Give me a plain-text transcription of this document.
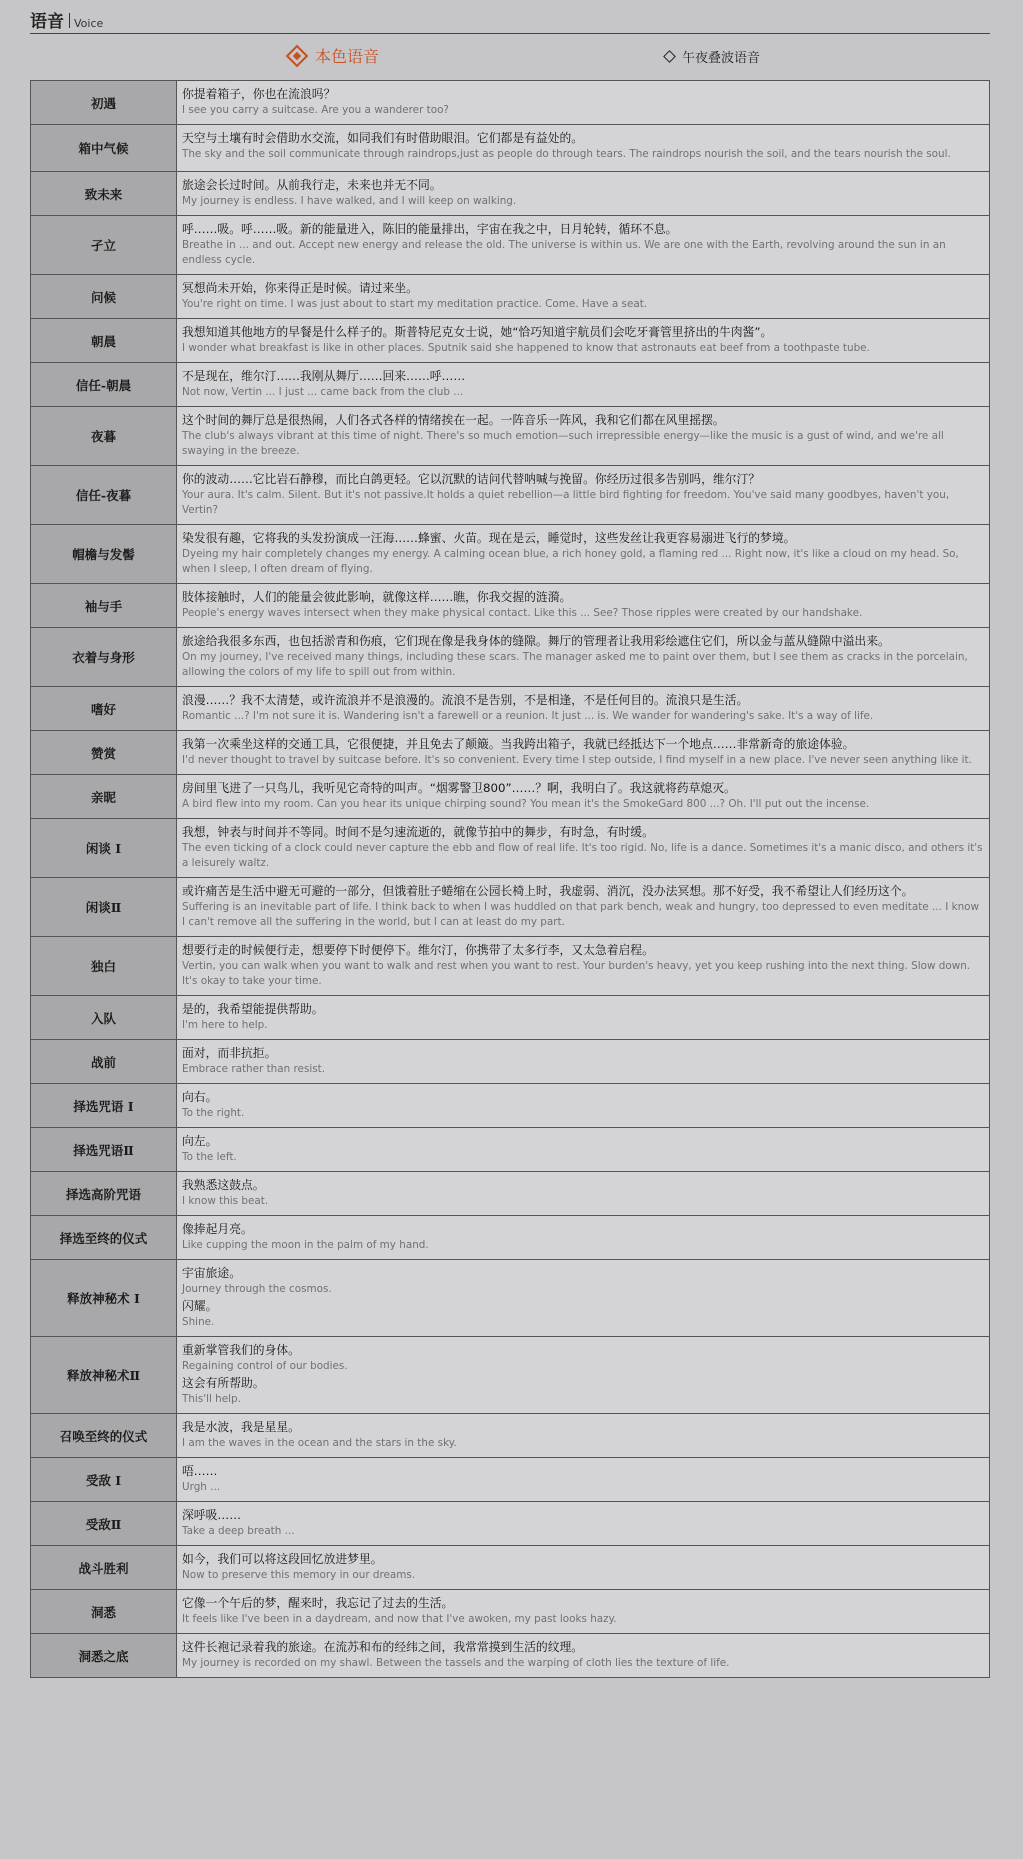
语音 Voice
本色语音	午夜叠波语音
初遇	你提着箱子，你也在流浪吗？
I see you carry a suitcase. Are you a wanderer too?

箱中气候	天空与土壤有时会借助水交流，如同我们有时借助眼泪。它们都是有益处的。
The sky and the soil communicate through raindrops,just as people do through tears. The raindrops nourish the soil, and the tears nourish the soul.

致未来	旅途会长过时间。从前我行走，未来也并无不同。
My journey is endless. I have walked, and I will keep on walking.

孑立	呼……吸。呼……吸。新的能量进入，陈旧的能量排出，宇宙在我之中，日月轮转，循环不息。
Breathe in ... and out. Accept new energy and release the old. The universe is within us. We are one with the Earth, revolving around the sun in an endless cycle.

问候	冥想尚未开始，你来得正是时候。请过来坐。
You're right on time. I was just about to start my meditation practice. Come. Have a seat.

朝晨	我想知道其他地方的早餐是什么样子的。斯普特尼克女士说，她“恰巧知道宇航员们会吃牙膏管里挤出的牛肉酱”。
I wonder what breakfast is like in other places. Sputnik said she happened to know that astronauts eat beef from a toothpaste tube.

信任-朝晨	不是现在，维尔汀……我刚从舞厅……回来……呼……
Not now, Vertin ... I just ... came back from the club ...

夜暮	这个时间的舞厅总是很热闹，人们各式各样的情绪挨在一起。一阵音乐一阵风，我和它们都在风里摇摆。
The club's always vibrant at this time of night. There's so much emotion—such irrepressible energy—like the music is a gust of wind, and we're all swaying in the breeze.

信任-夜暮	你的波动……它比岩石静穆，而比白鸽更轻。它以沉默的诘问代替呐喊与挽留。你经历过很多告别吗，维尔汀？
Your aura. It's calm. Silent. But it's not passive.It holds a quiet rebellion—a little bird fighting for freedom. You've said many goodbyes, haven't you, Vertin?

帽檐与发髻	染发很有趣，它将我的头发扮演成一汪海……蜂蜜、火苗。现在是云，睡觉时，这些发丝让我更容易溺进飞行的梦境。
Dyeing my hair completely changes my energy. A calming ocean blue, a rich honey gold, a flaming red ... Right now, it's like a cloud on my head. So, when I sleep, I often dream of flying.

袖与手	肢体接触时，人们的能量会彼此影响，就像这样……瞧，你我交握的涟漪。
People's energy waves intersect when they make physical contact. Like this ... See? Those ripples were created by our handshake.

衣着与身形	旅途给我很多东西，也包括淤青和伤痕，它们现在像是我身体的缝隙。舞厅的管理者让我用彩绘遮住它们，所以金与蓝从缝隙中溢出来。
On my journey, I've received many things, including these scars. The manager asked me to paint over them, but I see them as cracks in the porcelain, allowing the colors of my life to spill out from within.

嗜好	浪漫……？我不太清楚，或许流浪并不是浪漫的。流浪不是告别，不是相逢，不是任何目的。流浪只是生活。
Romantic ...? I'm not sure it is. Wandering isn't a farewell or a reunion. It just ... is. We wander for wandering's sake. It's a way of life.

赞赏	我第一次乘坐这样的交通工具，它很便捷，并且免去了颠簸。当我跨出箱子，我就已经抵达下一个地点……非常新奇的旅途体验。
I'd never thought to travel by suitcase before. It's so convenient. Every time I step outside, I find myself in a new place. I've never seen anything like it.

亲昵	房间里飞进了一只鸟儿，我听见它奇特的叫声。“烟雾警卫800”……？啊，我明白了。我这就将药草熄灭。
A bird flew into my room. Can you hear its unique chirping sound? You mean it's the SmokeGard 800 ...? Oh. I'll put out the incense.

闲谈 I	我想，钟表与时间并不等同。时间不是匀速流逝的，就像节拍中的舞步，有时急，有时缓。
The even ticking of a clock could never capture the ebb and flow of real life. It's too rigid. No, life is a dance. Sometimes it's a manic disco, and others it's a leisurely waltz.

闲谈Ⅱ	或许痛苦是生活中避无可避的一部分，但饿着肚子蜷缩在公园长椅上时，我虚弱、消沉，没办法冥想。那不好受，我不希望让人们经历这个。
Suffering is an inevitable part of life. I think back to when I was huddled on that park bench, weak and hungry, too depressed to even meditate ... I know I can't remove all the suffering in the world, but I can at least do my part.

独白	想要行走的时候便行走，想要停下时便停下。维尔汀，你携带了太多行李，又太急着启程。
Vertin, you can walk when you want to walk and rest when you want to rest. Your burden's heavy, yet you keep rushing into the next thing. Slow down. It's okay to take your time.

入队	是的，我希望能提供帮助。
I'm here to help.

战前	面对，而非抗拒。
Embrace rather than resist.

择选咒语 I	向右。
To the right.

择选咒语Ⅱ	向左。
To the left.

择选高阶咒语	我熟悉这鼓点。
I know this beat.

择选至终的仪式	像捧起月亮。
Like cupping the moon in the palm of my hand.

释放神秘术 I	宇宙旅途。
Journey through the cosmos.
闪耀。
Shine.

释放神秘术Ⅱ	重新掌管我们的身体。
Regaining control of our bodies.
这会有所帮助。
This'll help.

召唤至终的仪式	我是水波，我是星星。
I am the waves in the ocean and the stars in the sky.

受敌 I	唔……
Urgh ...

受敌Ⅱ	深呼吸……
Take a deep breath ...

战斗胜利	如今，我们可以将这段回忆放进梦里。
Now to preserve this memory in our dreams.

洞悉	它像一个午后的梦，醒来时，我忘记了过去的生活。
It feels like I've been in a daydream, and now that I've awoken, my past looks hazy.

洞悉之底	这件长袍记录着我的旅途。在流苏和布的经纬之间，我常常摸到生活的纹理。
My journey is recorded on my shawl. Between the tassels and the warping of cloth lies the texture of life.
